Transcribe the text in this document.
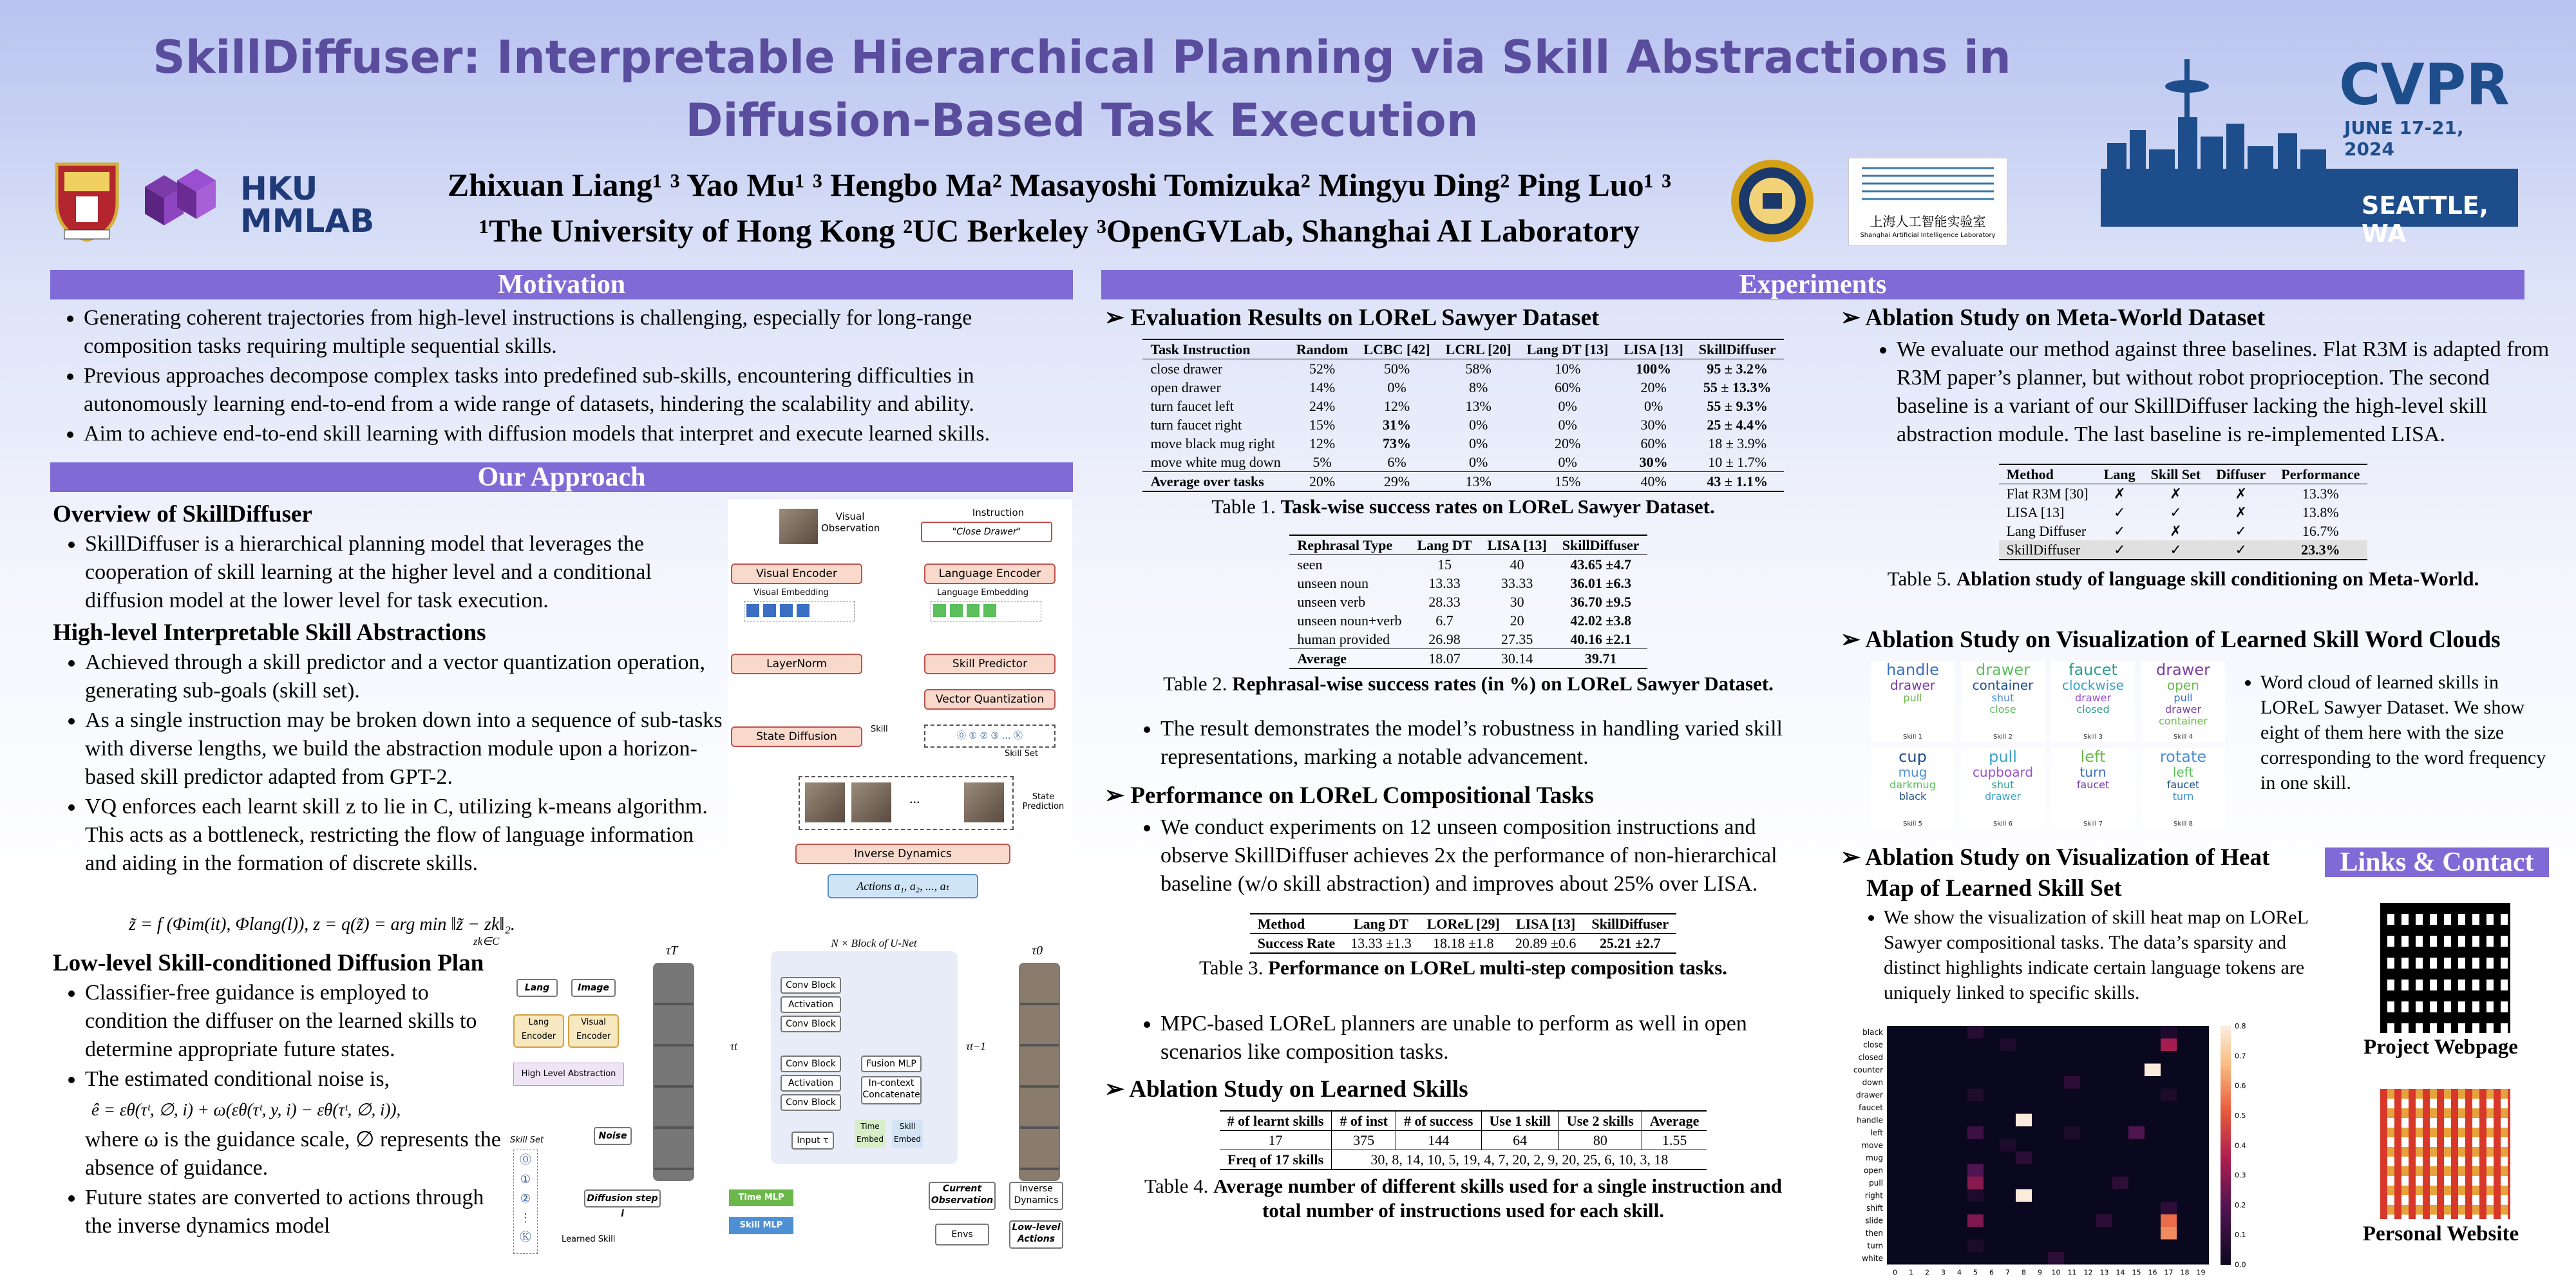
SkillDiffuser: Interpretable Hierarchical Planning via Skill Abstractions in
Diffusion-Based Task Execution
Zhixuan Liang¹ ³ Yao Mu¹ ³ Hengbo Ma² Masayoshi Tomizuka² Mingyu Ding² Ping Luo¹ ³
¹The University of Hong Kong ²UC Berkeley ³OpenGVLab, Shanghai AI Laboratory
HKU
MMLAB	上海人工智能实验室
Shanghai Artificial Intelligence Laboratory
CVPR
JUNE 17-21, 2024
SEATTLE, WA
Motivation
• Generating coherent trajectories from high-level instructions is challenging, especially for long-range composition tasks requiring multiple sequential skills.
• Previous approaches decompose complex tasks into predefined sub-skills, encountering difficulties in autonomously learning end-to-end from a wide range of datasets, hindering the scalability and ability.
• Aim to achieve end-to-end skill learning with diffusion models that interpret and execute learned skills.
Our Approach
Overview of SkillDiffuser
• SkillDiffuser is a hierarchical planning model that leverages the cooperation of skill learning at the higher level and a conditional diffusion model at the lower level for task execution.
High-level Interpretable Skill Abstractions
• Achieved through a skill predictor and a vector quantization operation, generating sub-goals (skill set).
• As a single instruction may be broken down into a sequence of sub-tasks with diverse lengths, we build the abstraction module upon a horizon-based skill predictor adapted from GPT-2.
• VQ enforces each learnt skill z to lie in C, utilizing k-means algorithm. This acts as a bottleneck, restricting the flow of language information and aiding in the formation of discrete skills.
z̃ = f (Φim(it), Φlang(l)), z = q(z̃) = arg min ‖z̃ − zk‖₂.
zk∈C
Low-level Skill-conditioned Diffusion Plan
• Classifier-free guidance is employed to condition the diffuser on the learned skills to determine appropriate future states.
• The estimated conditional noise is,
ê = εθ(τᵗ, ∅, i) + ω(εθ(τᵗ, y, i) − εθ(τᵗ, ∅, i)),
where ω is the guidance scale, ∅ represents the absence of guidance.
• Future states are converted to actions through the inverse dynamics model
Visual Observation
Instruction
"Close Drawer"
Visual Encoder	Language Encoder
Visual Embedding	Language Embedding
LayerNorm	Skill Predictor
Vector Quantization
State Diffusion
Skill
⓪ ① ② ③ … Ⓚ
Skill Set
...	State Prediction
Inverse Dynamics
Actions a₁, a₂, ..., aₜ
Lang	Image
Lang Encoder
Visual Encoder
High Level Abstraction
Noise
Skill Set
⓪
①
②
⋮
Ⓚ	Learned Skill
Diffusion step i
Time MLP
Skill MLP
τT
τt
N × Block of U-Net
Conv Block
Activation
Conv Block
Conv Block
Activation
Conv Block
Fusion MLP
In-context Concatenate
Input τ
Time Embed
Skill Embed
τt−1
τ0
Current Observation
Inverse Dynamics
Envs
Low-level Actions
Experiments
➢ Evaluation Results on LOReL Sawyer Dataset
Task Instruction	Random	LCBC [42]	LCRL [20]	Lang DT [13]	LISA [13]	SkillDiffuser
close drawer	52%	50%	58%	10%	100%	95 ± 3.2%
open drawer	14%	0%	8%	60%	20%	55 ± 13.3%
turn faucet left	24%	12%	13%	0%	0%	55 ± 9.3%
turn faucet right	15%	31%	0%	0%	30%	25 ± 4.4%
move black mug right	12%	73%	0%	20%	60%	18 ± 3.9%
move white mug down	5%	6%	0%	0%	30%	10 ± 1.7%
Average over tasks	20%	29%	13%	15%	40%	43 ± 1.1%
Table 1. Task-wise success rates on LOReL Sawyer Dataset.
Rephrasal Type	Lang DT	LISA [13]	SkillDiffuser
seen	15	40	43.65 ±4.7
unseen noun	13.33	33.33	36.01 ±6.3
unseen verb	28.33	30	36.70 ±9.5
unseen noun+verb	6.7	20	42.02 ±3.8
human provided	26.98	27.35	40.16 ±2.1
Average	18.07	30.14	39.71
Table 2. Rephrasal-wise success rates (in %) on LOReL Sawyer Dataset.
• The result demonstrates the model’s robustness in handling varied skill representations, marking a notable advancement.
➢ Performance on LOReL Compositional Tasks
• We conduct experiments on 12 unseen composition instructions and observe SkillDiffuser achieves 2x the performance of non-hierarchical baseline (w/o skill abstraction) and improves about 25% over LISA.
Method	Lang DT	LOReL [29]	LISA [13]	SkillDiffuser
Success Rate	13.33 ±1.3	18.18 ±1.8	20.89 ±0.6	25.21 ±2.7
Table 3. Performance on LOReL multi-step composition tasks.
• MPC-based LOReL planners are unable to perform as well in open scenarios like composition tasks.
➢ Ablation Study on Learned Skills
# of learnt skills	# of inst	# of success	Use 1 skill	Use 2 skills	Average
17	375	144	64	80	1.55
Freq of 17 skills	30, 8, 14, 10, 5, 19, 4, 7, 20, 2, 9, 20, 25, 6, 10, 3, 18				
Table 4. Average number of different skills used for a single instruction and total number of instructions used for each skill.
➢ Ablation Study on Meta-World Dataset
• We evaluate our method against three baselines. Flat R3M is adapted from R3M paper’s planner, but without robot proprioception. The second baseline is a variant of our SkillDiffuser lacking the high-level skill abstraction module. The last baseline is re-implemented LISA.
Method	Lang	Skill Set	Diffuser	Performance
Flat R3M [30]	✗	✗	✗	13.3%
LISA [13]	✓	✓	✗	13.8%
Lang Diffuser	✓	✗	✓	16.7%
SkillDiffuser	✓	✓	✓	23.3%
Table 5. Ablation study of language skill conditioning on Meta-World.
➢ Ablation Study on Visualization of Learned Skill Word Clouds
handle
drawer
pull
Skill 1
drawer
container
shut
close
Skill 2
faucet
clockwise
drawer
closed
Skill 3
drawer
open
pull
drawer
container
Skill 4
cup
mug
darkmug
black
Skill 5
pull
cupboard
shut
drawer
Skill 6
left
turn
faucet
Skill 7
rotate
left
faucet
turn
Skill 8
• Word cloud of learned skills in LOReL Sawyer Dataset. We show eight of them here with the size corresponding to the word frequency in one skill.
➢ Ablation Study on Visualization of Heat
Map of Learned Skill Set
• We show the visualization of skill heat map on LOReL Sawyer compositional tasks. The data’s sparsity and distinct highlights indicate certain language tokens are uniquely linked to specific skills.
black
close
closed
counter
down
drawer
faucet
handle
left
move
mug
open
pull
right
shift
slide
then
turn
white
0 1 2 3 4 5 6 7 8 9 10 11 12 13 14 15 16 17 18 19
0.0
0.1
0.2
0.3
0.4
0.5
0.6
0.7
0.8
Links & Contact
Project Webpage
Personal Website
